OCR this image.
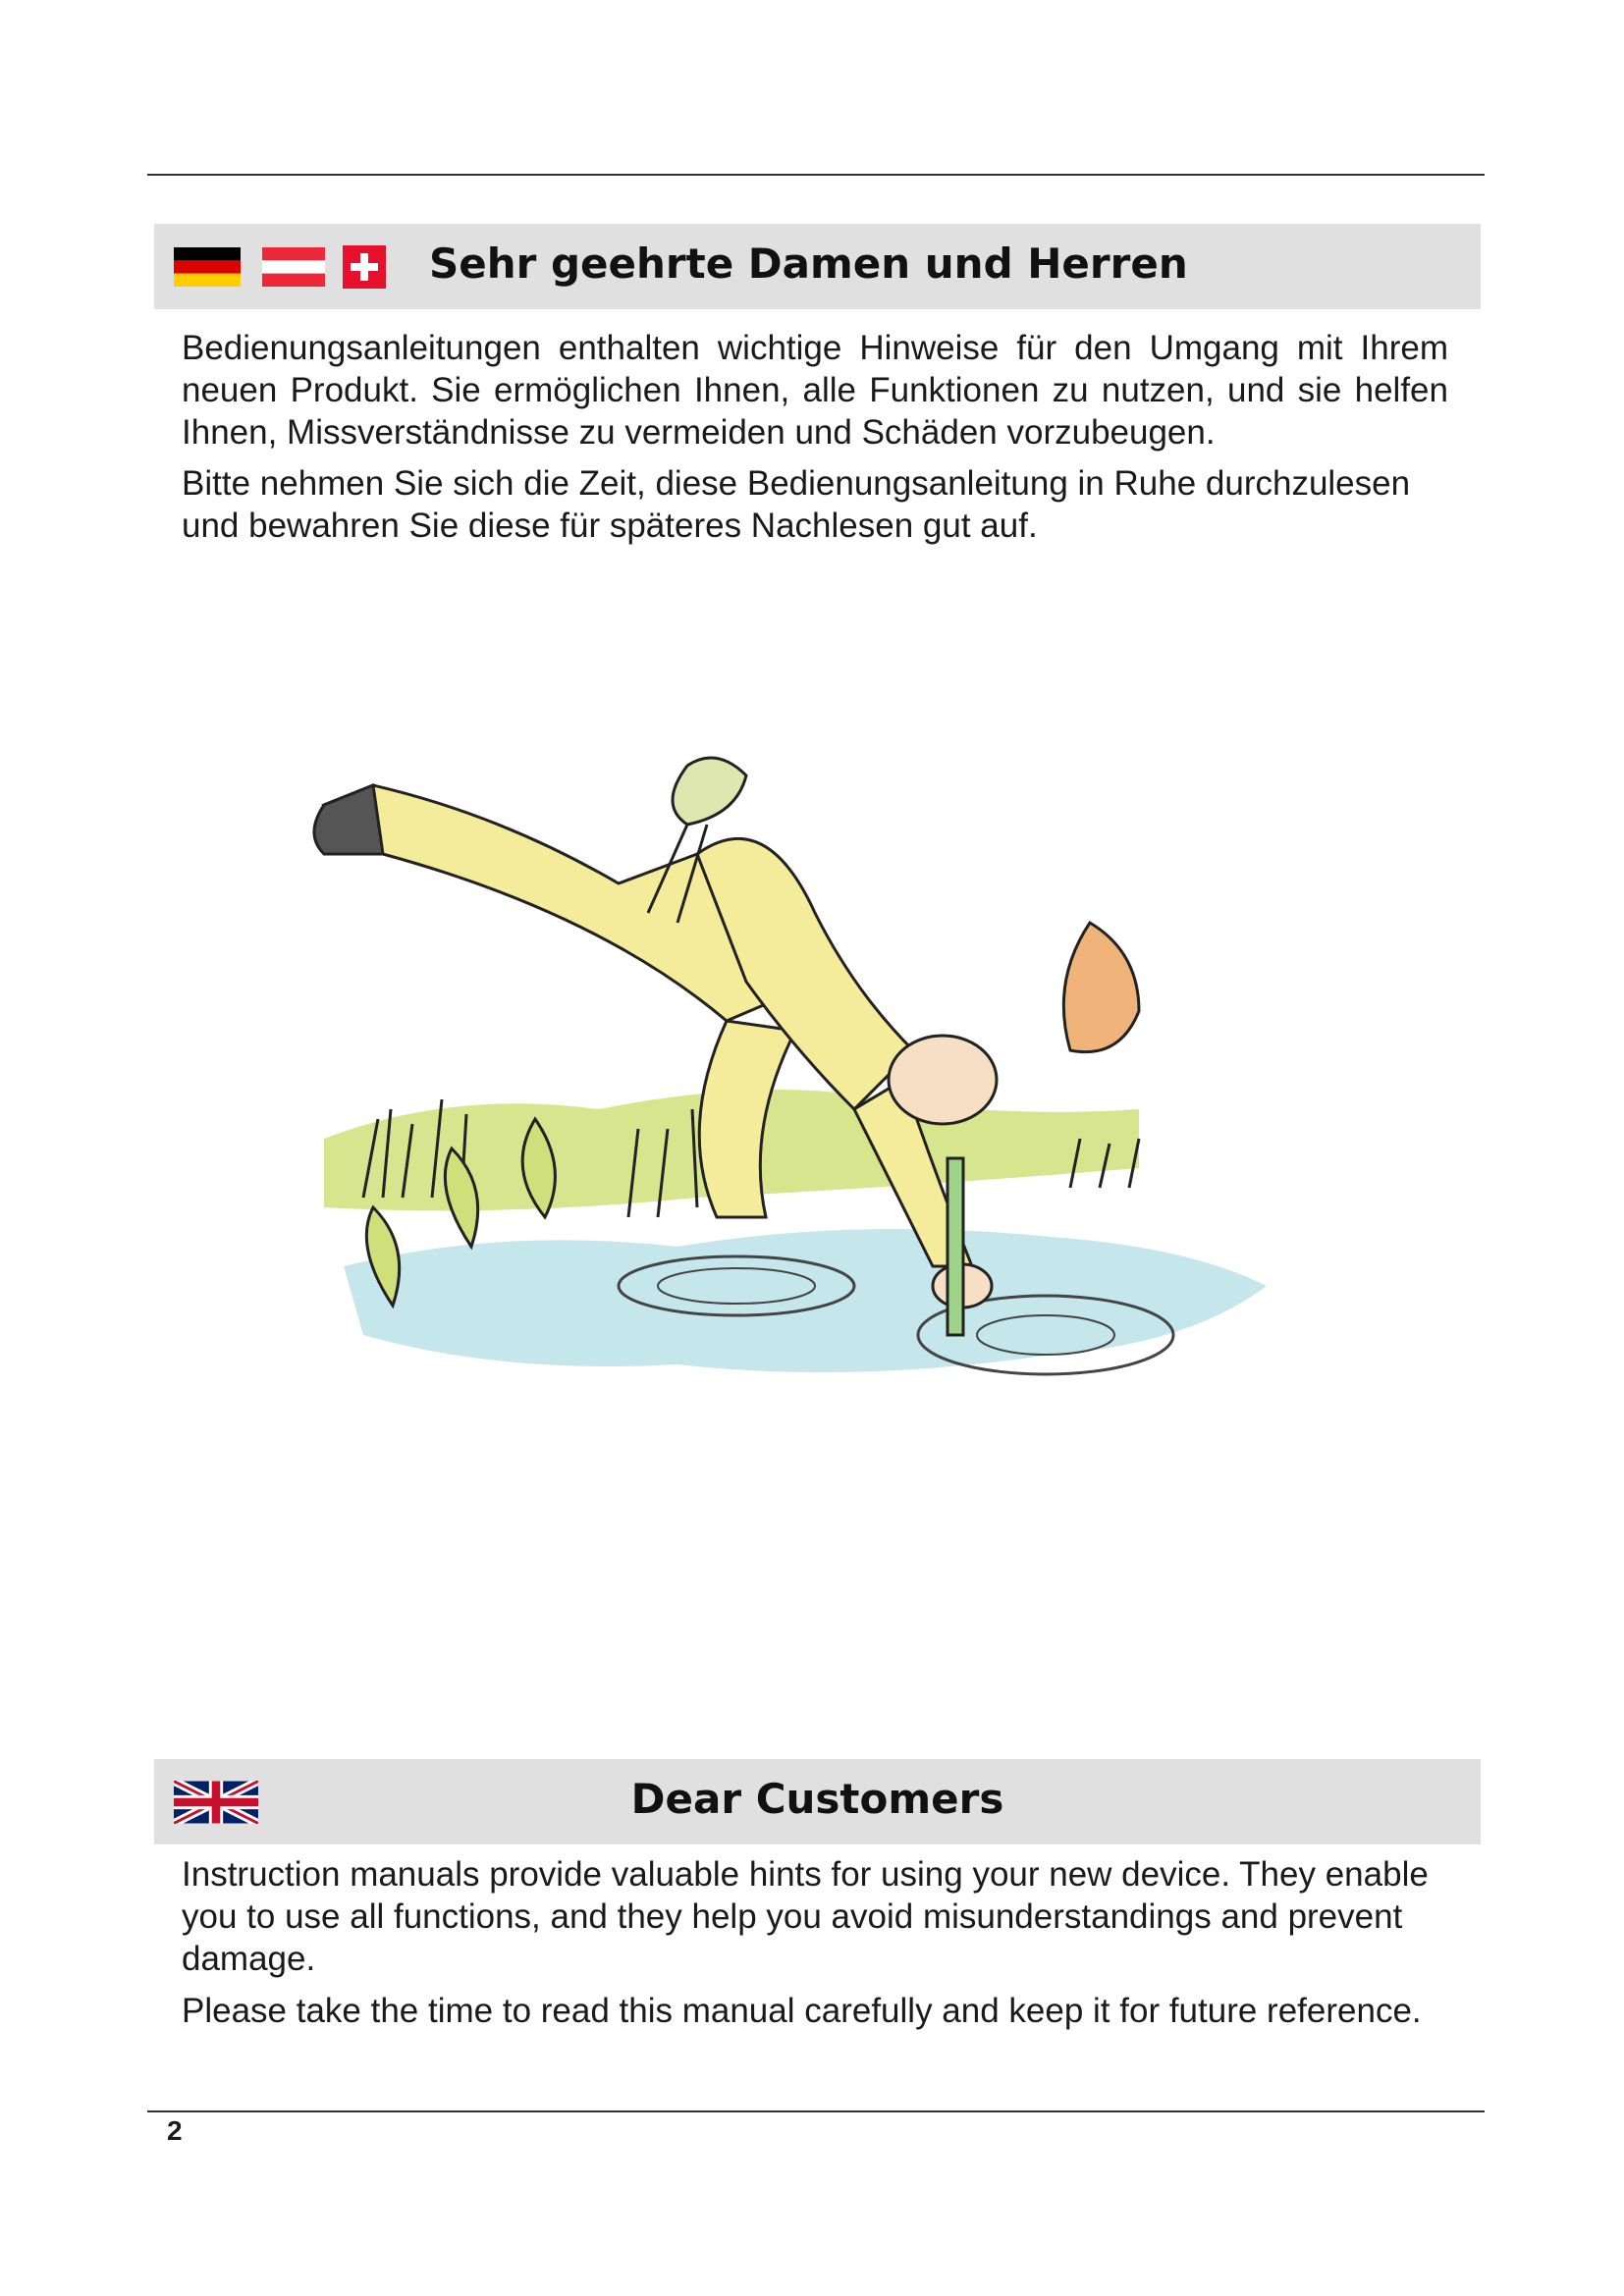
Sehr geehrte Damen und Herren

Bedienungsanleitungen enthalten wichtige Hinweise für den Umgang mit Ihrem neuen Produkt. Sie ermöglichen Ihnen, alle Funktionen zu nutzen, und sie helfen Ihnen, Missverständnisse zu vermeiden und Schäden vorzubeugen.

Bitte nehmen Sie sich die Zeit, diese Bedienungsanleitung in Ruhe durchzulesen und bewahren Sie diese für späteres Nachlesen gut auf.

Dear Customers

Instruction manuals provide valuable hints for using your new device. They enable you to use all functions, and they help you avoid misunderstandings and prevent damage.

Please take the time to read this manual carefully and keep it for future reference.

2
